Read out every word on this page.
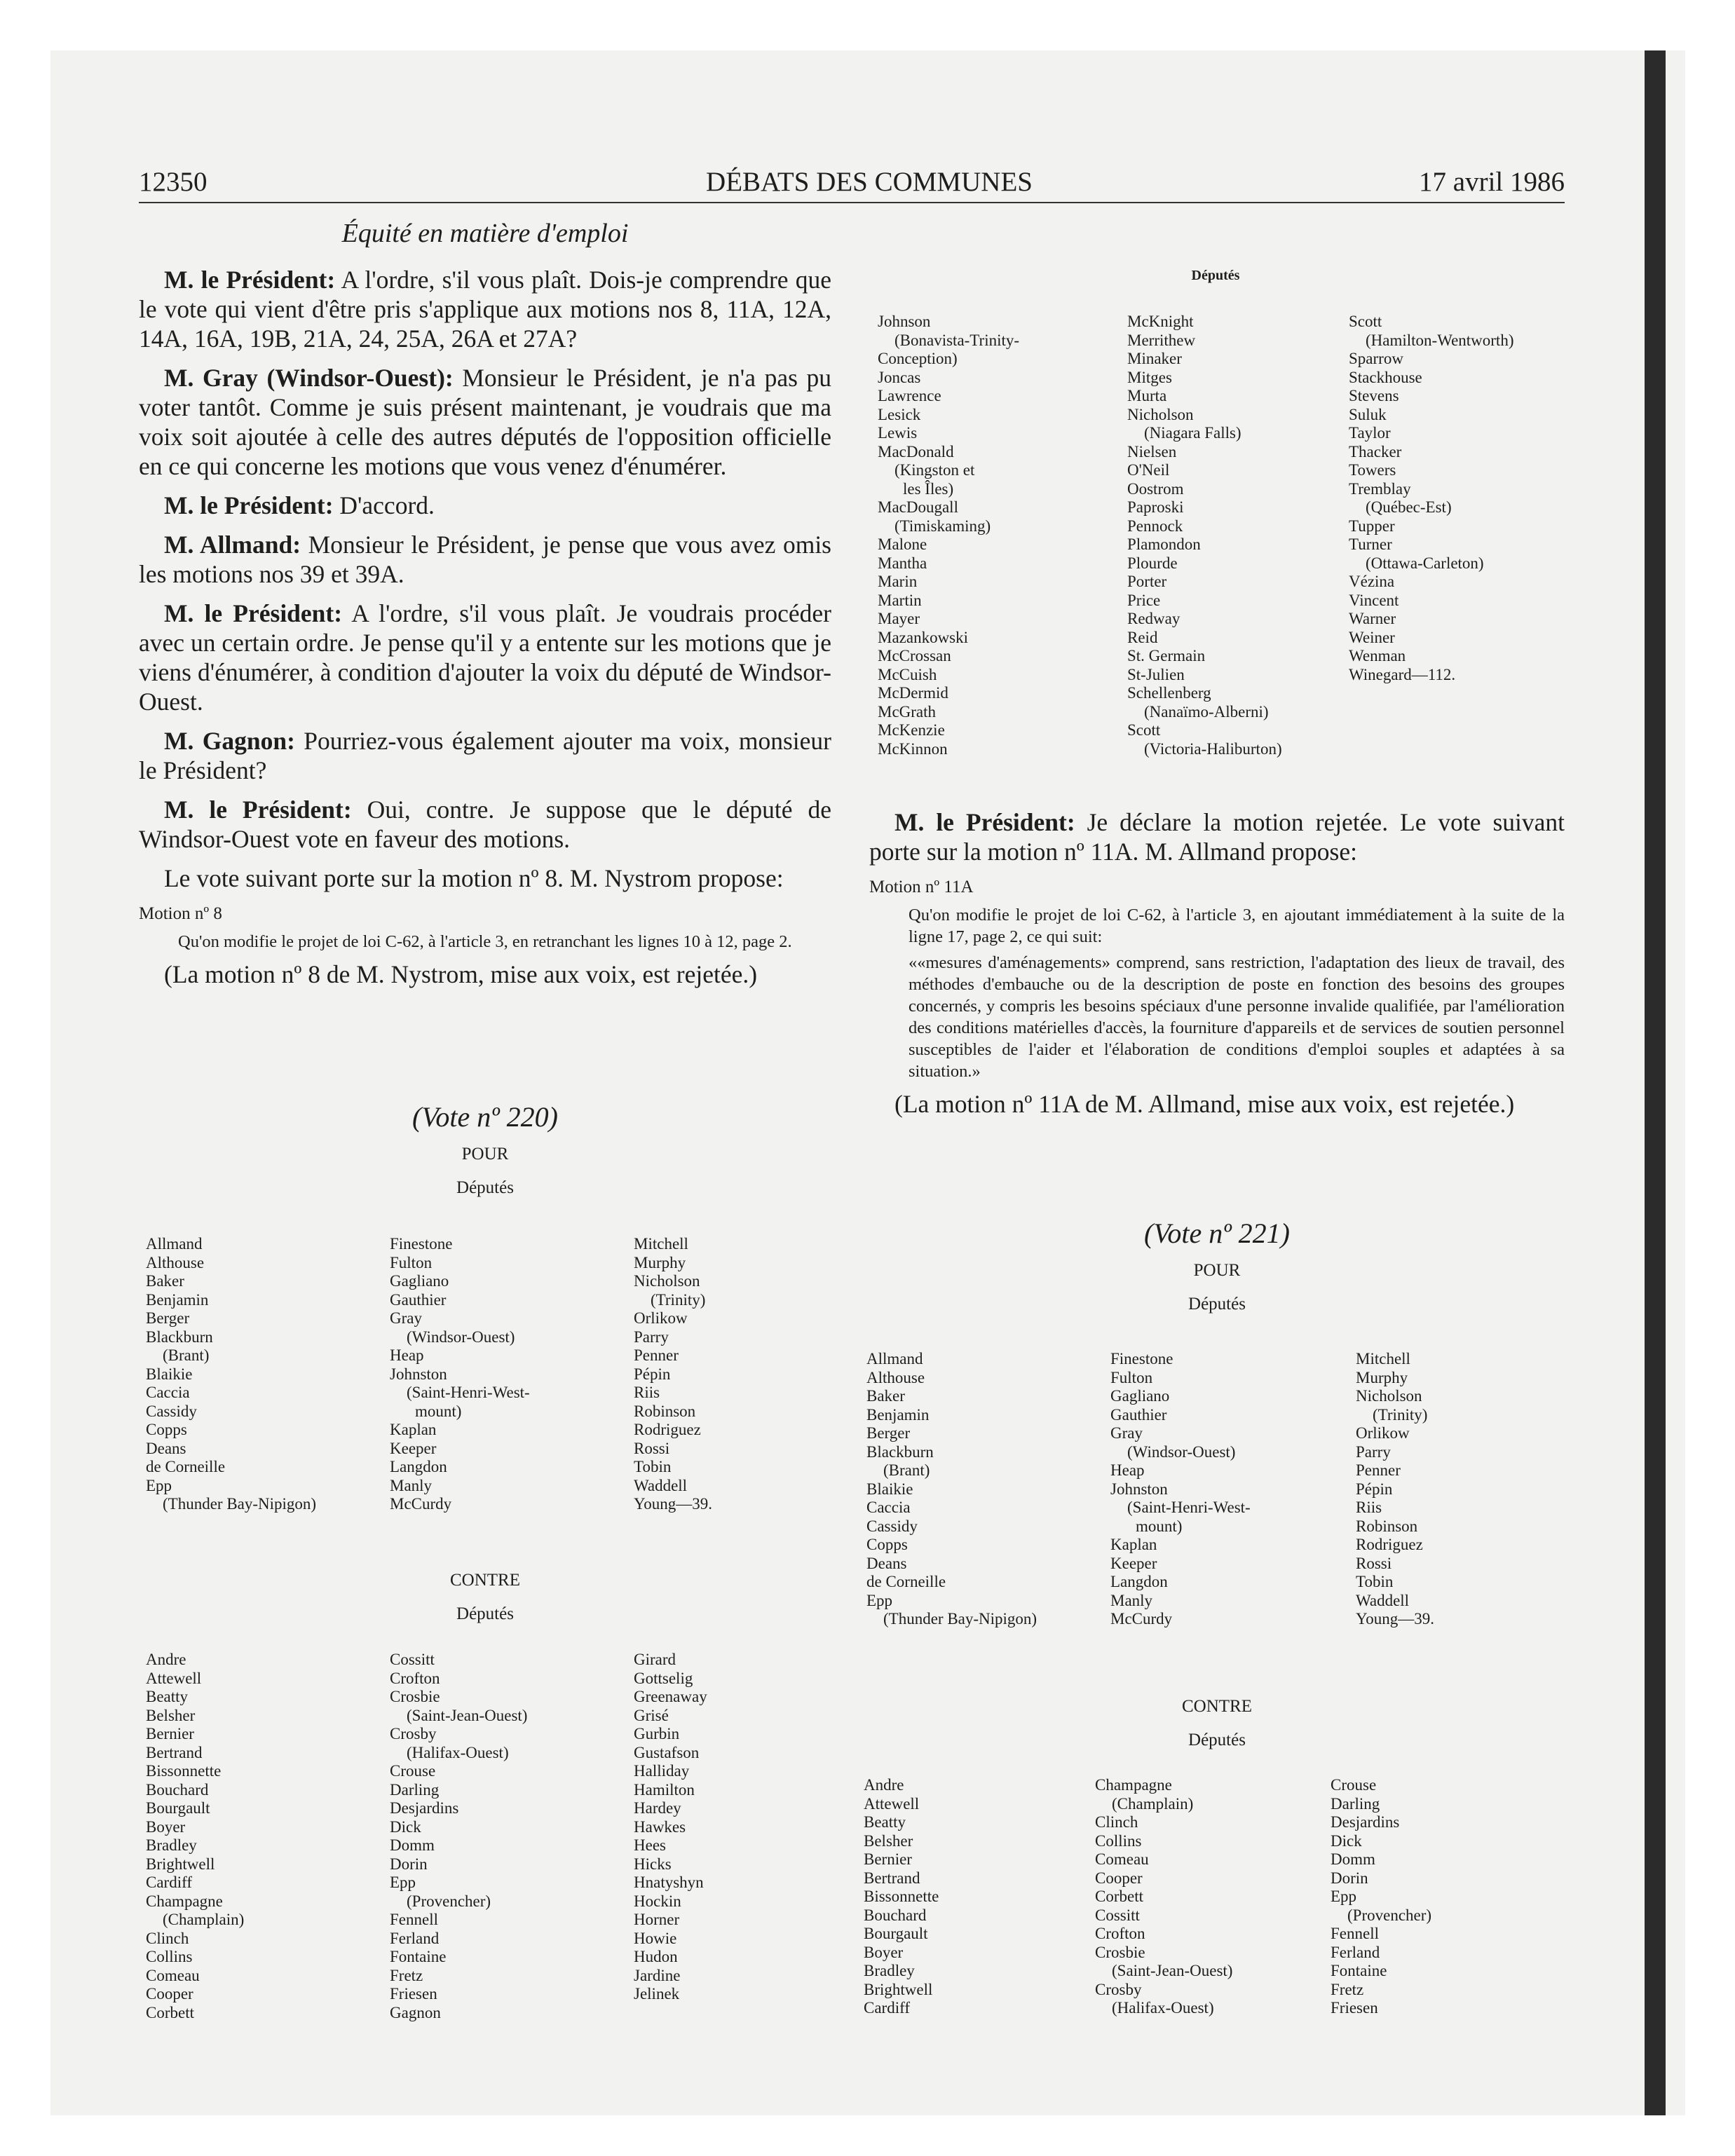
12350	DÉBATS DES COMMUNES	17 avril 1986
Équité en matière d'emploi

M. le Président: A l'ordre, s'il vous plaît. Dois-je comprendre que le vote qui vient d'être pris s'applique aux motions nos 8, 11A, 12A, 14A, 16A, 19B, 21A, 24, 25A, 26A et 27A?

M. Gray (Windsor-Ouest): Monsieur le Président, je n'a pas pu voter tantôt. Comme je suis présent maintenant, je voudrais que ma voix soit ajoutée à celle des autres députés de l'opposition officielle en ce qui concerne les motions que vous venez d'énumérer.

M. le Président: D'accord.

M. Allmand: Monsieur le Président, je pense que vous avez omis les motions nos 39 et 39A.

M. le Président: A l'ordre, s'il vous plaît. Je voudrais procéder avec un certain ordre. Je pense qu'il y a entente sur les motions que je viens d'énumérer, à condition d'ajouter la voix du député de Windsor-Ouest.

M. Gagnon: Pourriez-vous également ajouter ma voix, monsieur le Président?

M. le Président: Oui, contre. Je suppose que le député de Windsor-Ouest vote en faveur des motions.

Le vote suivant porte sur la motion nº 8. M. Nystrom propose:

Motion nº 8

Qu'on modifie le projet de loi C-62, à l'article 3, en retranchant les lignes 10 à 12, page 2.

(La motion nº 8 de M. Nystrom, mise aux voix, est rejetée.)
(Vote nº 220)
POUR
Députés
Allmand
Althouse
Baker
Benjamin
Berger
Blackburn
(Brant)
Blaikie
Caccia
Cassidy
Copps
Deans
de Corneille
Epp
(Thunder Bay-Nipigon)
Finestone
Fulton
Gagliano
Gauthier
Gray
(Windsor-Ouest)
Heap
Johnston
(Saint-Henri-West-
mount)
Kaplan
Keeper
Langdon
Manly
McCurdy
Mitchell
Murphy
Nicholson
(Trinity)
Orlikow
Parry
Penner
Pépin
Riis
Robinson
Rodriguez
Rossi
Tobin
Waddell
Young—39.
CONTRE
Députés
Andre
Attewell
Beatty
Belsher
Bernier
Bertrand
Bissonnette
Bouchard
Bourgault
Boyer
Bradley
Brightwell
Cardiff
Champagne
(Champlain)
Clinch
Collins
Comeau
Cooper
Corbett
Cossitt
Crofton
Crosbie
(Saint-Jean-Ouest)
Crosby
(Halifax-Ouest)
Crouse
Darling
Desjardins
Dick
Domm
Dorin
Epp
(Provencher)
Fennell
Ferland
Fontaine
Fretz
Friesen
Gagnon
Girard
Gottselig
Greenaway
Grisé
Gurbin
Gustafson
Halliday
Hamilton
Hardey
Hawkes
Hees
Hicks
Hnatyshyn
Hockin
Horner
Howie
Hudon
Jardine
Jelinek
Députés
Johnson
(Bonavista-Trinity-
Conception)
Joncas
Lawrence
Lesick
Lewis
MacDonald
(Kingston et
les Îles)
MacDougall
(Timiskaming)
Malone
Mantha
Marin
Martin
Mayer
Mazankowski
McCrossan
McCuish
McDermid
McGrath
McKenzie
McKinnon
McKnight
Merrithew
Minaker
Mitges
Murta
Nicholson
(Niagara Falls)
Nielsen
O'Neil
Oostrom
Paproski
Pennock
Plamondon
Plourde
Porter
Price
Redway
Reid
St. Germain
St-Julien
Schellenberg
(Nanaïmo-Alberni)
Scott
(Victoria-Haliburton)
Scott
(Hamilton-Wentworth)
Sparrow
Stackhouse
Stevens
Suluk
Taylor
Thacker
Towers
Tremblay
(Québec-Est)
Tupper
Turner
(Ottawa-Carleton)
Vézina
Vincent
Warner
Weiner
Wenman
Winegard—112.

M. le Président: Je déclare la motion rejetée. Le vote suivant porte sur la motion nº 11A. M. Allmand propose:

Motion nº 11A

Qu'on modifie le projet de loi C-62, à l'article 3, en ajoutant immédiatement à la suite de la ligne 17, page 2, ce qui suit:

««mesures d'aménagements» comprend, sans restriction, l'adaptation des lieux de travail, des méthodes d'embauche ou de la description de poste en fonction des besoins des groupes concernés, y compris les besoins spéciaux d'une personne invalide qualifiée, par l'amélioration des conditions matérielles d'accès, la fourniture d'appareils et de services de soutien personnel susceptibles de l'aider et l'élaboration de conditions d'emploi souples et adaptées à sa situation.»

(La motion nº 11A de M. Allmand, mise aux voix, est rejetée.)
(Vote nº 221)
POUR
Députés
Allmand
Althouse
Baker
Benjamin
Berger
Blackburn
(Brant)
Blaikie
Caccia
Cassidy
Copps
Deans
de Corneille
Epp
(Thunder Bay-Nipigon)
Finestone
Fulton
Gagliano
Gauthier
Gray
(Windsor-Ouest)
Heap
Johnston
(Saint-Henri-West-
mount)
Kaplan
Keeper
Langdon
Manly
McCurdy
Mitchell
Murphy
Nicholson
(Trinity)
Orlikow
Parry
Penner
Pépin
Riis
Robinson
Rodriguez
Rossi
Tobin
Waddell
Young—39.
CONTRE
Députés
Andre
Attewell
Beatty
Belsher
Bernier
Bertrand
Bissonnette
Bouchard
Bourgault
Boyer
Bradley
Brightwell
Cardiff
Champagne
(Champlain)
Clinch
Collins
Comeau
Cooper
Corbett
Cossitt
Crofton
Crosbie
(Saint-Jean-Ouest)
Crosby
(Halifax-Ouest)
Crouse
Darling
Desjardins
Dick
Domm
Dorin
Epp
(Provencher)
Fennell
Ferland
Fontaine
Fretz
Friesen
